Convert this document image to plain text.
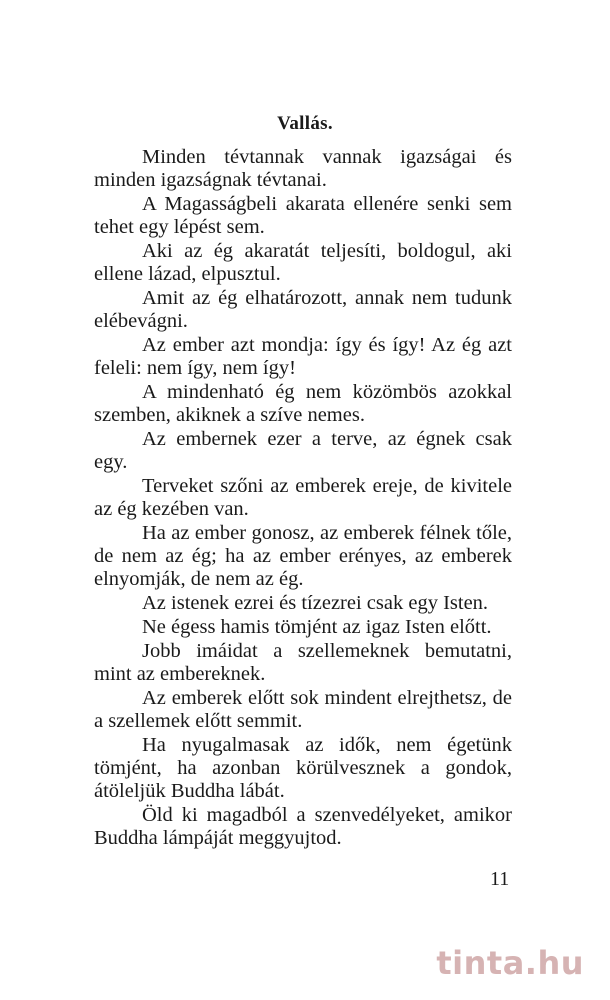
Vallás.

Minden tévtannak vannak igazságai és minden igazságnak tévtanai.

A Magasságbeli akarata ellenére senki sem tehet egy lépést sem.

Aki az ég akaratát teljesíti, boldogul, aki ellene lázad, elpusztul.

Amit az ég elhatározott, annak nem tudunk elébevágni.

Az ember azt mondja: így és így! Az ég azt feleli: nem így, nem így!

A mindenható ég nem közömbös azokkal szemben, akiknek a szíve nemes.

Az embernek ezer a terve, az égnek csak egy.

Terveket szőni az emberek ereje, de kivitele az ég kezében van.

Ha az ember gonosz, az emberek félnek tőle, de nem az ég; ha az ember erényes, az emberek elnyomják, de nem az ég.

Az istenek ezrei és tízezrei csak egy Isten.

Ne égess hamis tömjént az igaz Isten előtt.

Jobb imáidat a szellemeknek bemutatni, mint az embereknek.

Az emberek előtt sok mindent elrejthetsz, de a szellemek előtt semmit.

Ha nyugalmasak az idők, nem égetünk tömjént, ha azonban körülvesznek a gondok, átöleljük Buddha lábát.

Öld ki magadból a szenvedélyeket, amikor Buddha lámpáját meggyujtod.

11
tinta.hu
